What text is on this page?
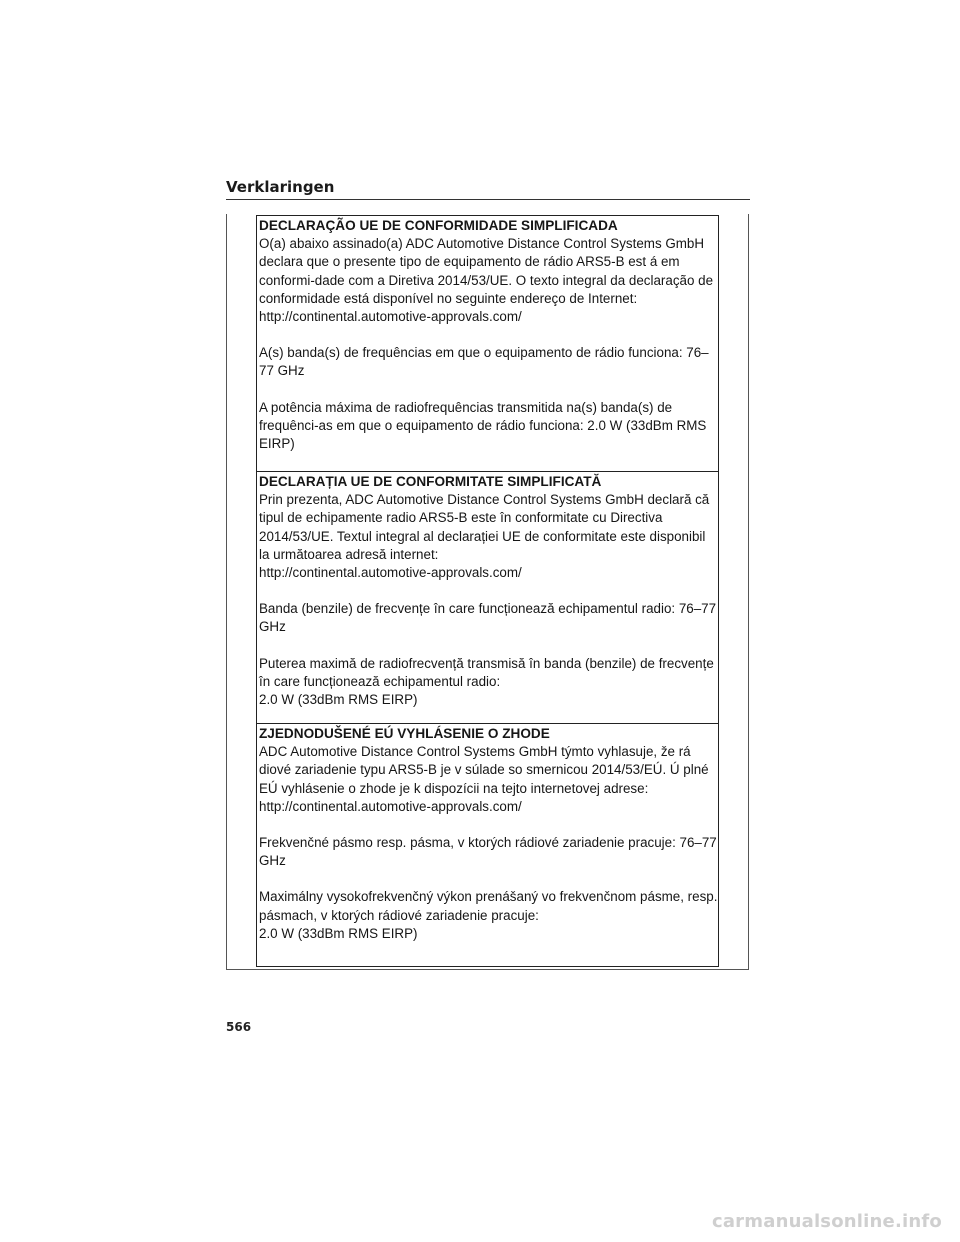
Verklaringen
DECLARAÇÃO UE DE CONFORMIDADE SIMPLIFICADA

O(a) abaixo assinado(a) ADC Automotive Distance Control Systems GmbH declara que o presente tipo de equipamento de rádio ARS5-B est á em conformi-dade com a Diretiva 2014/53/UE. O texto integral da declaração de conformidade está disponível no seguinte endereço de Internet:

http://continental.automotive-approvals.com/

A(s) banda(s) de frequências em que o equipamento de rádio funciona: 76–77 GHz

A potência máxima de radiofrequências transmitida na(s) banda(s) de frequênci-as em que o equipamento de rádio funciona: 2.0 W (33dBm RMS EIRP)

DECLARAȚIA UE DE CONFORMITATE SIMPLIFICATĂ

Prin prezenta, ADC Automotive Distance Control Systems GmbH declară că tipul de echipamente radio ARS5-B este în conformitate cu Directiva 2014/53/UE. Textul integral al declarației UE de conformitate este disponibil la următoarea adresă internet:

http://continental.automotive-approvals.com/

Banda (benzile) de frecvențe în care funcționează echipamentul radio: 76–77 GHz

Puterea maximă de radiofrecvență transmisă în banda (benzile) de frecvențe în care funcționează echipamentul radio:

2.0 W (33dBm RMS EIRP)

ZJEDNODUŠENÉ EÚ VYHLÁSENIE O ZHODE

ADC Automotive Distance Control Systems GmbH týmto vyhlasuje, že rá diové zariadenie typu ARS5-B je v súlade so smernicou 2014/53/EÚ. Ú plné EÚ vyhlásenie o zhode je k dispozícii na tejto internetovej adrese:

http://continental.automotive-approvals.com/

Frekvenčné pásmo resp. pásma, v ktorých rádiové zariadenie pracuje: 76–77 GHz

Maximálny vysokofrekvenčný výkon prenášaný vo frekvenčnom pásme, resp. pásmach, v ktorých rádiové zariadenie pracuje:

2.0 W (33dBm RMS EIRP)

566
carmanualsonline.info
